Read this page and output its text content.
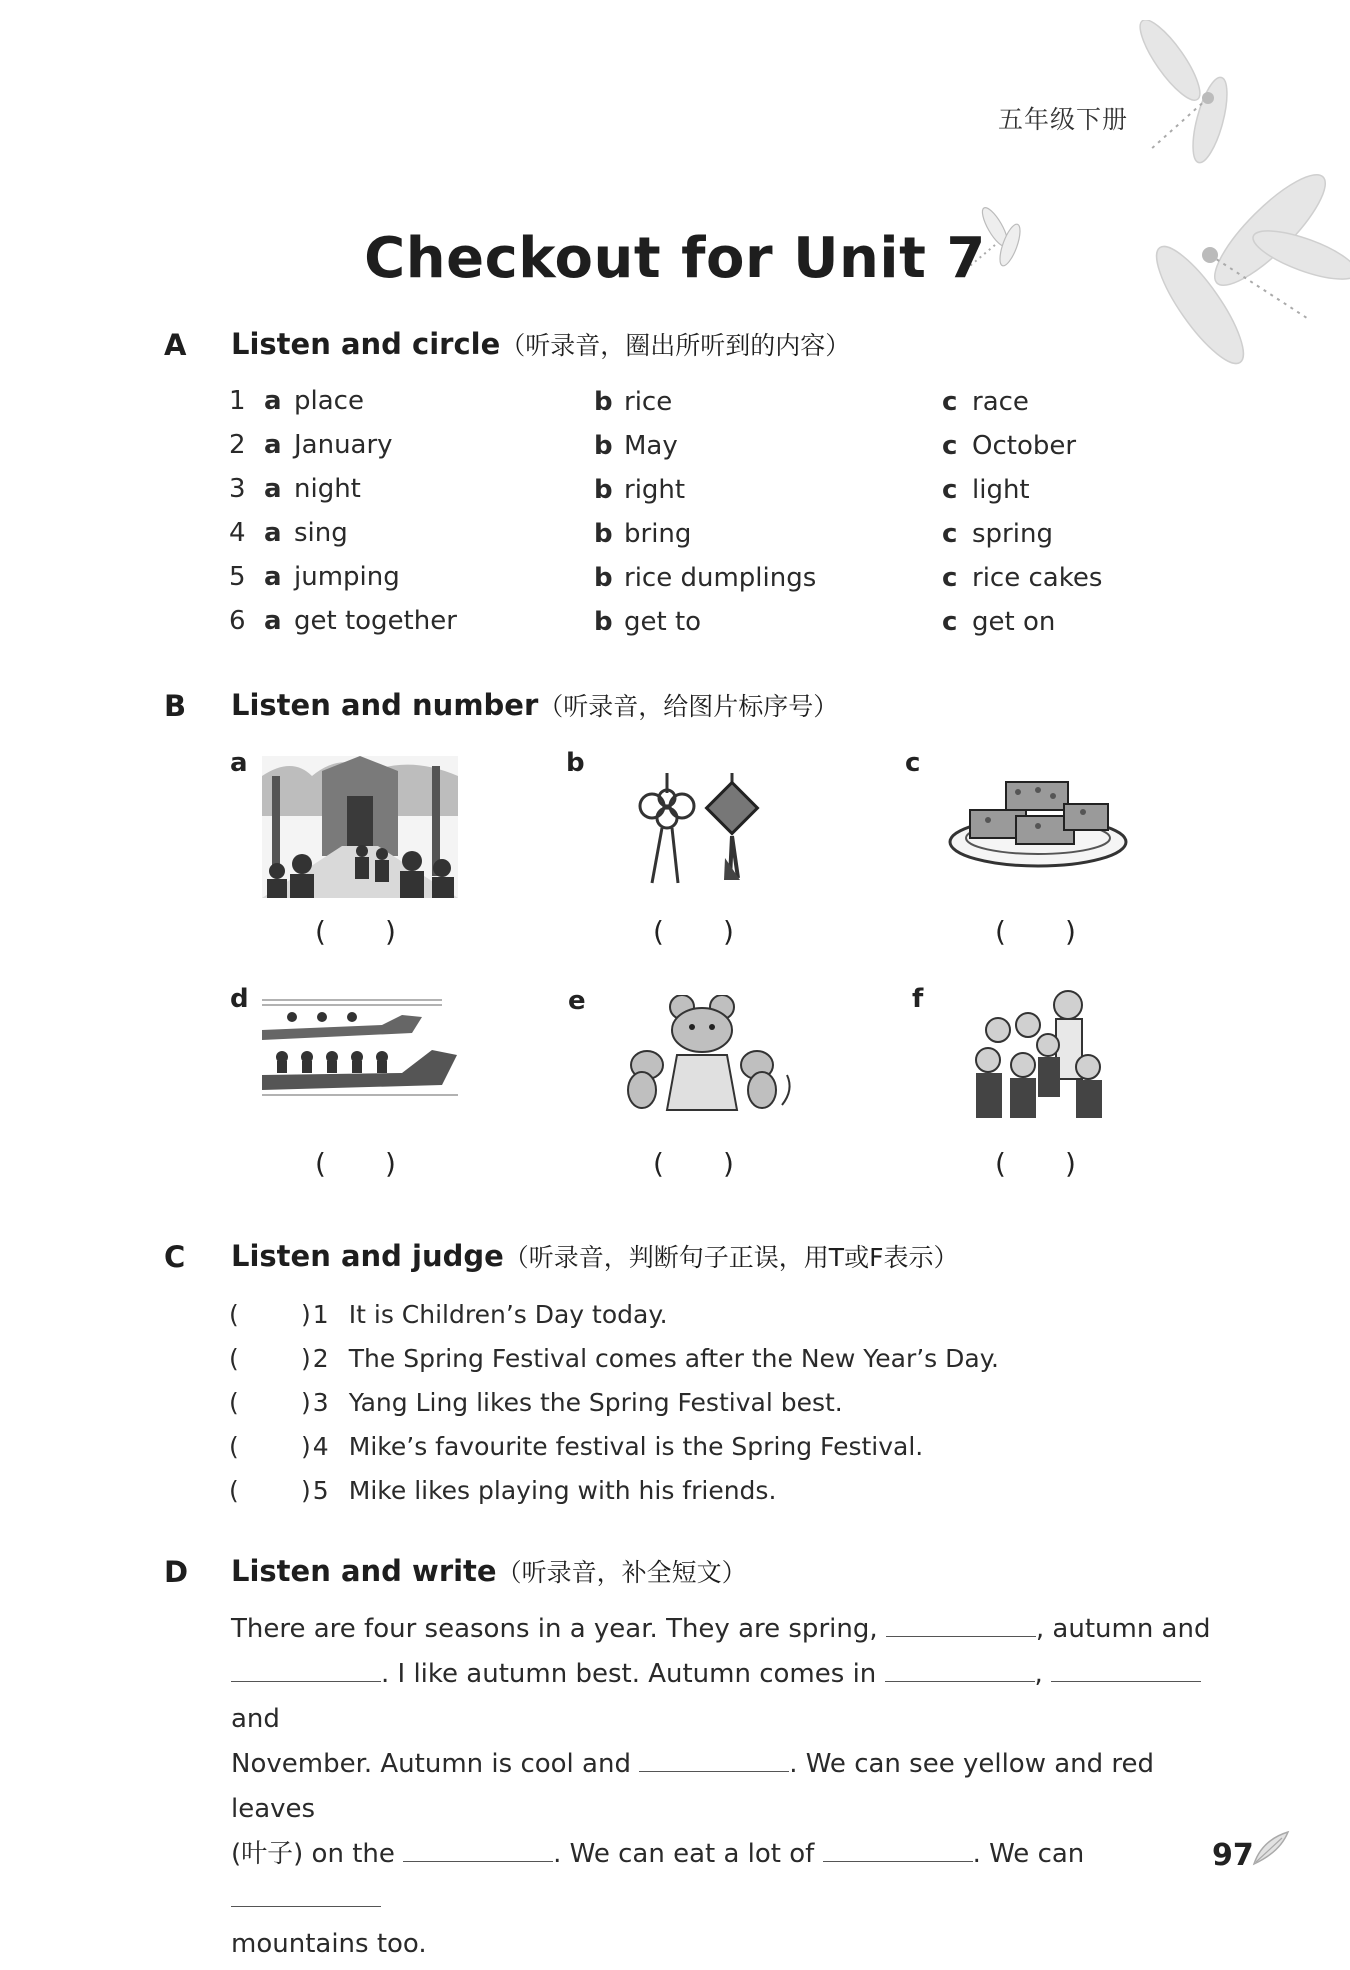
五年级下册
Checkout for Unit 7
A Listen and circle（听录音，圈出所听到的内容）
1 a place	b rice	c race
2 a January	b May	c October
3 a night	b right	c light
4 a sing	b bring	c spring
5 a jumping	b rice dumplings	c rice cakes
6 a get together	b get to	c get on
B Listen and number（听录音，给图片标序号）
a	b	c
d	e	f
( )	( )	( )
( )	( )	( )
C Listen and judge（听录音，判断句子正误，用T或F表示）
( )1 It is Children’s Day today.
( )2 The Spring Festival comes after the New Year’s Day.
( )3 Yang Ling likes the Spring Festival best.
( )4 Mike’s favourite festival is the Spring Festival.
( )5 Mike likes playing with his friends.
D Listen and write（听录音，补全短文）
There are four seasons in a year. They are spring,	, autumn and
. I like autumn best. Autumn comes in	,  and
November. Autumn is cool and	. We can see yellow and red leaves
(叶子) on the	. We can eat a lot of	. We can
mountains too.
97
